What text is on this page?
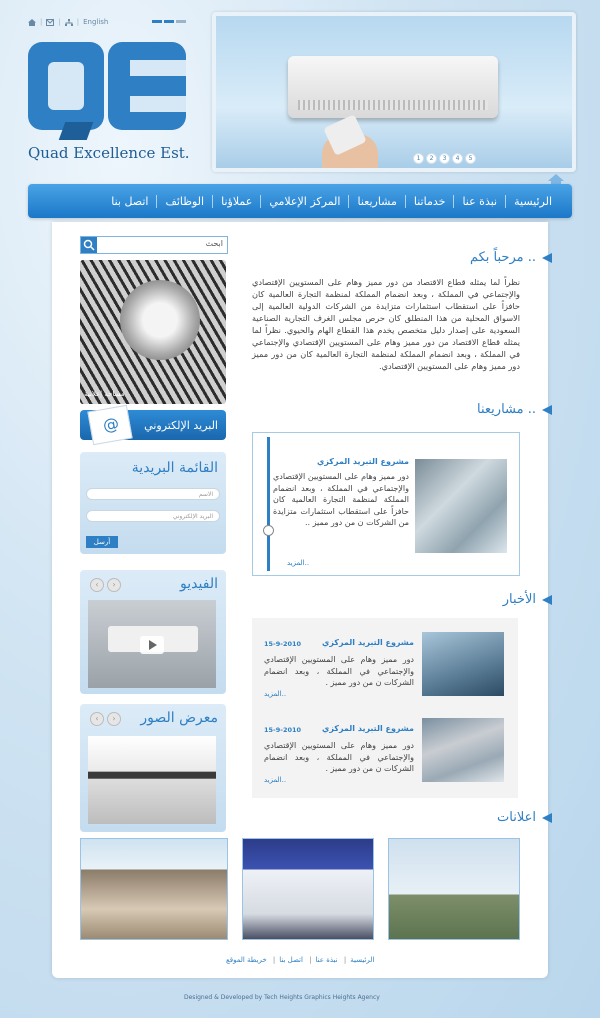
| | | English
Quad Excellence Est.	1	2	3	4	5
الرئيسية
نبذة عنا
خدماتنا
مشاريعنا
المركز الإعلامي
عملاؤنا
الوظائف
اتصل بنا
ابحث
مساحة إعلانية
@ البريد الإلكتروني
القائمة البريدية
الاسم
البريد الإلكتروني
أرسل
الفيديو
‹	›
معرض الصور
‹	›
مرحباً بكم ..
نظراً لما يمثله قطاع الاقتصاد من دور مميز وهام على المستويين الإقتصادي والإجتماعي في المملكة ، وبعد انضمام المملكة لمنظمة التجارة العالمية كان حافزاً على استقطاب استثمارات متزايدة من الشركات الدولية العالمية إلى الاسواق المحلية من هذا المنطلق كان حرص مجلس الغرف التجارية الصناعية السعودية على إصدار دليل متخصص يخدم هذا القطاع الهام والحيوي. نظراً لما يمثله قطاع الاقتصاد من دور مميز وهام على المستويين الإقتصادي والإجتماعي في المملكة ، وبعد انضمام المملكة لمنظمة التجارة العالمية كان من دور مميز دور مميز وهام على المستويين الإقتصادي.
مشاريعنا ..
مشروع التبريد المركزي
دور مميز وهام على المستويين الإقتصادي والإجتماعي في المملكة ، وبعد انضمام المملكة لمنظمة التجارة العالمية كان حافزاً على استقطاب استثمارات متزايدة من الشركات ن من دور مميز ..
المزيد..
الأخبار
مشروع التبريد المركزي
15-9-2010
دور مميز وهام على المستويين الإقتصادي والإجتماعي في المملكة ، وبعد انضمام الشركات ن من دور مميز .
المزيد..
مشروع التبريد المركزي
15-9-2010
دور مميز وهام على المستويين الإقتصادي والإجتماعي في المملكة ، وبعد انضمام الشركات ن من دور مميز .
المزيد..
اعلانات
الرئيسية| نبذة عنا| اتصل بنا| خريطة الموقع
Designed & Developed by Tech Heights Graphics Heights Agency
